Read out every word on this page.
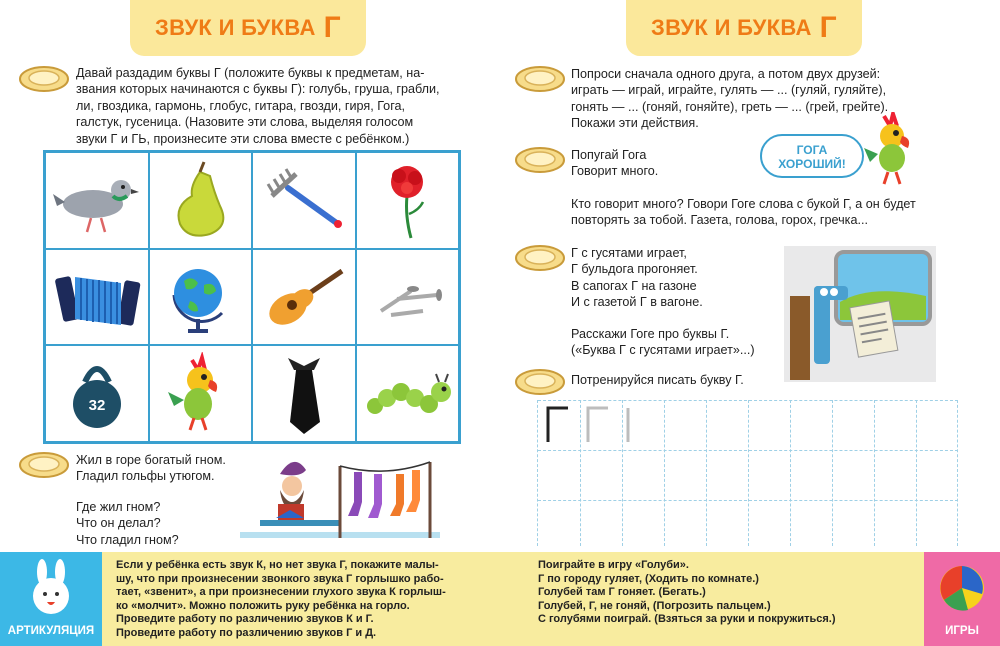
ЗВУК И БУКВА Г
Давай раздадим буквы Г (положите буквы к предметам, на-
звания которых начинаются с буквы Г): голубь, груша, грабли,
ли, гвоздика, гармонь, глобус, гитара, гвозди, гиря, Гога,
галстук, гусеница. (Назовите эти слова, выделяя голосом
звуки Г и ГЬ, произнесите эти слова вместе с ребёнком.)
32
Жил в горе богатый гном.
Гладил гольфы утюгом.
Где жил гном?
Что он делал?
Что гладил гном?
ЗВУК И БУКВА Г
Попроси сначала одного друга, а потом двух друзей:
играть — играй, играйте, гулять — ... (гуляй, гуляйте),
гонять — ... (гоняй, гоняйте), греть — ... (грей, грейте).
Покажи эти действия.
Попугай Гога
Говорит много.
ГОГА ХОРОШИЙ!
Кто говорит много? Говори Гоге слова с букой Г, а он будет
повторять за тобой. Газета, голова, горох, гречка...
Г с гусятами играет,
Г бульдога прогоняет.
В сапогах Г на газоне
И с газетой Г в вагоне.
Расскажи Гоге про буквы Г.
(«Буква Г с гусятами играет»...)
Потренируйся писать букву Г.
АРТИКУЛЯЦИЯ
Если у ребёнка есть звук К, но нет звука Г, покажите малы-
шу, что при произнесении звонкого звука Г горлышко рабо-
тает, «звенит», а при произнесении глухого звука К горлыш-
ко «молчит». Можно положить руку ребёнка на горло.
Проведите работу по различению звуков К и Г.
Проведите работу по различению звуков Г и Д.
Поиграйте в игру «Голуби».
Г по городу гуляет, (Ходить по комнате.)
Голубей там Г гоняет. (Бегать.)
Голубей, Г, не гоняй, (Погрозить пальцем.)
С голубями поиграй. (Взяться за руки и покружиться.)
ИГРЫ
